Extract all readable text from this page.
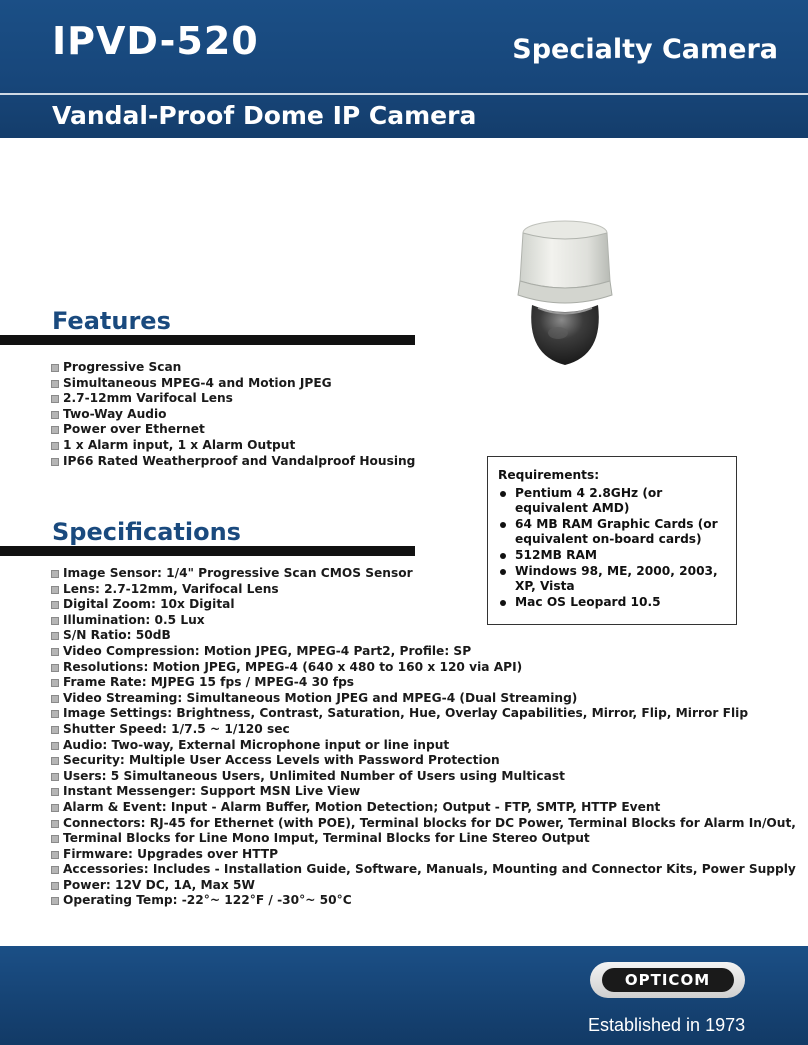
IPVD-520	Specialty Camera
Vandal-Proof Dome IP Camera
Features
Progressive Scan
Simultaneous MPEG-4 and Motion JPEG
2.7-12mm Varifocal Lens
Two-Way Audio
Power over Ethernet
1 x Alarm input, 1 x Alarm Output
IP66 Rated Weatherproof and Vandalproof Housing
Requirements:
Pentium 4 2.8GHz (or equivalent AMD)
64 MB RAM Graphic Cards (or equivalent on-board cards)
512MB RAM
Windows 98, ME, 2000, 2003, XP, Vista
Mac OS Leopard 10.5
Specifications
Image Sensor: 1/4" Progressive Scan CMOS Sensor
Lens: 2.7-12mm, Varifocal Lens
Digital Zoom: 10x Digital
Illumination: 0.5 Lux
S/N Ratio: 50dB
Video Compression: Motion JPEG, MPEG-4 Part2, Profile: SP
Resolutions: Motion JPEG, MPEG-4 (640 x 480 to 160 x 120 via API)
Frame Rate: MJPEG 15 fps / MPEG-4 30 fps
Video Streaming: Simultaneous Motion JPEG and MPEG-4 (Dual Streaming)
Image Settings: Brightness, Contrast, Saturation, Hue, Overlay Capabilities, Mirror, Flip, Mirror Flip
Shutter Speed: 1/7.5 ~ 1/120 sec
Audio: Two-way, External Microphone input or line input
Security: Multiple User Access Levels with Password Protection
Users: 5 Simultaneous Users, Unlimited Number of Users using Multicast
Instant Messenger: Support MSN Live View
Alarm & Event: Input - Alarm Buffer, Motion Detection; Output - FTP, SMTP, HTTP Event
Connectors: RJ-45 for Ethernet (with POE), Terminal blocks for DC Power, Terminal Blocks for Alarm In/Out,
Terminal Blocks for Line Mono Imput, Terminal Blocks for Line Stereo Output
Firmware: Upgrades over HTTP
Accessories: Includes - Installation Guide, Software, Manuals, Mounting and Connector Kits, Power Supply
Power: 12V DC, 1A, Max 5W
Operating Temp: -22°~ 122°F / -30°~ 50°C
OPTICOM
Established in 1973
